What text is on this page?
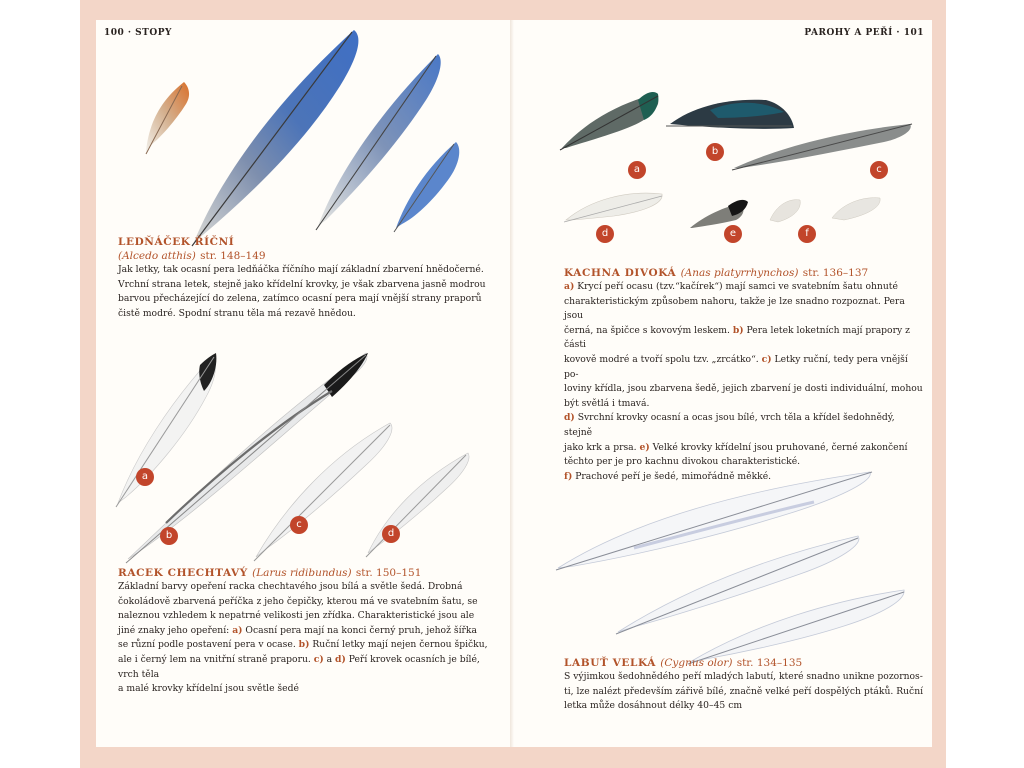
100 · STOPY

LEDŇÁČEK ŘÍČNÍ

(Alcedo atthis) str. 148–149

Jak letky, tak ocasní pera ledňáčka říčního mají základní zbarvení hnědočerné.
Vrchní strana letek, stejně jako křídelní krovky, je však zbarvena jasně modrou
barvou přecházející do zelena, zatímco ocasní pera mají vnější strany praporů
čistě modré. Spodní stranu těla má rezavě hnědou.
a
b
c
d

RACEK CHECHTAVÝ (Larus ridibundus) str. 150–151

Základní barvy opeření racka chechtavého jsou bílá a světle šedá. Drobná
čokoládově zbarvená peříčka z jeho čepičky, kterou má ve svatebním šatu, se
naleznou vzhledem k nepatrné velikosti jen zřídka. Charakteristické jsou ale
jiné znaky jeho opeření: a) Ocasní pera mají na konci černý pruh, jehož šířka
se různí podle postavení pera v ocase. b) Ruční letky mají nejen černou špičku,
ale i černý lem na vnitřní straně praporu. c) a d) Peří krovek ocasních je bílé,
vrch těla
a malé krovky křídelní jsou světle šedé
PAROHY A PEŘÍ · 101
a
b
c
d	e	f

KACHNA DIVOKÁ (Anas platyrrhynchos) str. 136–137

a) Krycí peří ocasu (tzv.“kačírek“) mají samci ve svatebním šatu ohnuté
charakteristickým způsobem nahoru, takže je lze snadno rozpoznat. Pera jsou
černá, na špičce s kovovým leskem. b) Pera letek loketních mají prapory z části
kovově modré a tvoří spolu tzv. „zrcátko“. c) Letky ruční, tedy pera vnější po-
loviny křídla, jsou zbarvena šedě, jejich zbarvení je dosti individuální, mohou
být světlá i tmavá.
d) Svrchní krovky ocasní a ocas jsou bílé, vrch těla a křídel šedohnědý, stejně
jako krk a prsa. e) Velké krovky křídelní jsou pruhované, černé zakončení
těchto per je pro kachnu divokou charakteristické.
f) Prachové peří je šedé, mimořádně měkké.

LABUŤ VELKÁ (Cygnus olor) str. 134–135

S výjimkou šedohnědého peří mladých labutí, které snadno unikne pozornos-
ti, lze nalézt především zářivě bílé, značně velké peří dospělých ptáků. Ruční
letka může dosáhnout délky 40–45 cm
